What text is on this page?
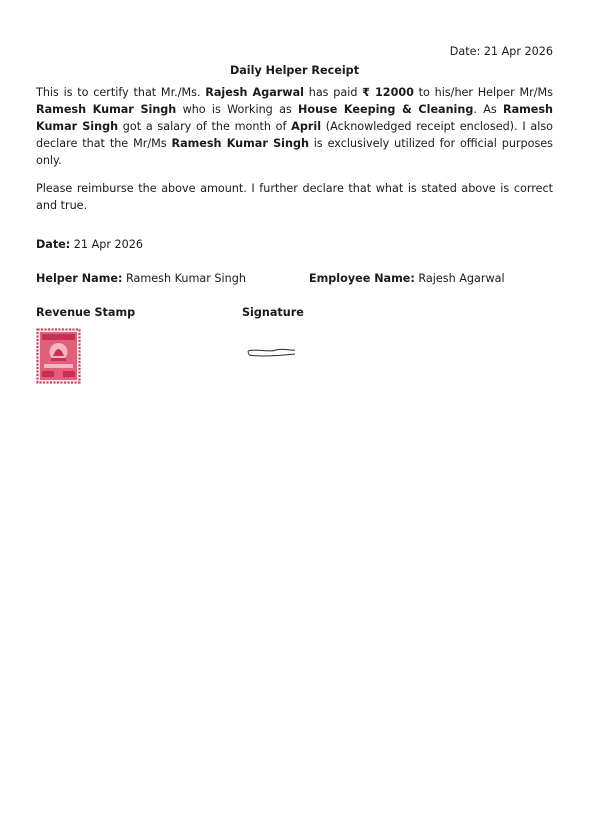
Date: 21 Apr 2026
Daily Helper Receipt
This is to certify that Mr./Ms. Rajesh Agarwal has paid ₹ 12000 to his/her Helper Mr/Ms Ramesh Kumar Singh who is Working as House Keeping & Cleaning. As Ramesh Kumar Singh got a salary of the month of April (Acknowledged receipt enclosed). I also declare that the Mr/Ms Ramesh Kumar Singh is exclusively utilized for official purposes only.
Please reimburse the above amount. I further declare that what is stated above is correct and true.
Date: 21 Apr 2026
Helper Name: Ramesh Kumar Singh	Employee Name: Rajesh Agarwal
Revenue Stamp	Signature
